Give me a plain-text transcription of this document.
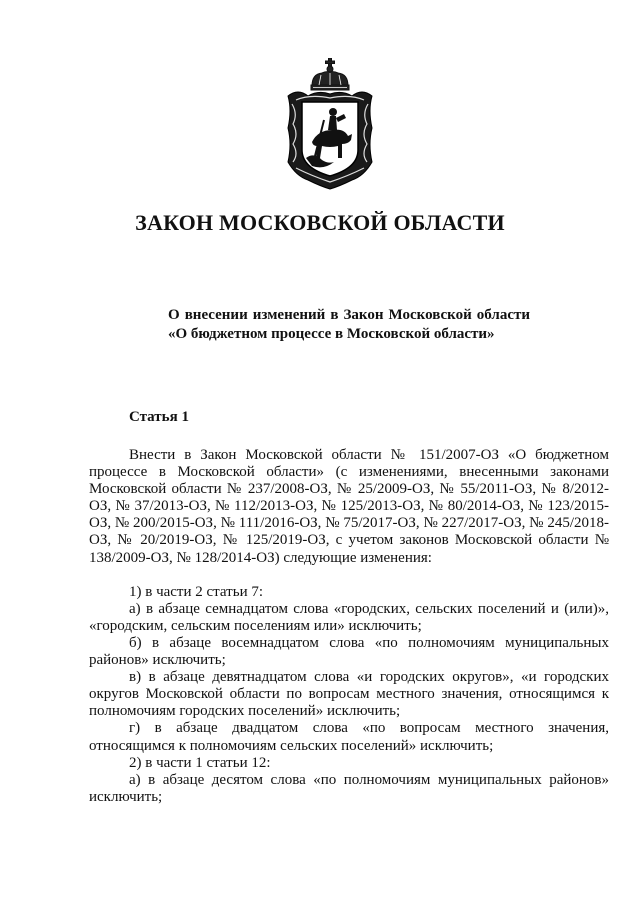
ЗАКОН МОСКОВСКОЙ ОБЛАСТИ
О внесении изменений в Закон Московской области «О бюджетном процессе в Московской области»
Статья 1

Внести в Закон Московской области № 151/2007-ОЗ «О бюджетном процессе в Московской области» (с изменениями, внесенными законами Московской области № 237/2008-ОЗ, № 25/2009-ОЗ, № 55/2011-ОЗ, № 8/2012-ОЗ, № 37/2013-ОЗ, № 112/2013-ОЗ, № 125/2013-ОЗ, № 80/2014-ОЗ, № 123/2015-ОЗ, № 200/2015-ОЗ, № 111/2016-ОЗ, № 75/2017-ОЗ, № 227/2017-ОЗ, № 245/2018-ОЗ, № 20/2019-ОЗ, № 125/2019-ОЗ, с учетом законов Московской области № 138/2009-ОЗ, № 128/2014-ОЗ) следующие изменения:

1) в части 2 статьи 7:

а) в абзаце семнадцатом слова «городских, сельских поселений и (или)», «городским, сельским поселениям или» исключить;

б) в абзаце восемнадцатом слова «по полномочиям муниципальных районов» исключить;

в) в абзаце девятнадцатом слова «и городских округов», «и городских округов Московской области по вопросам местного значения, относящимся к полномочиям городских поселений» исключить;

г) в абзаце двадцатом слова «по вопросам местного значения, относящимся к полномочиям сельских поселений» исключить;

2) в части 1 статьи 12:

а) в абзаце десятом слова «по полномочиям муниципальных районов» исключить;
